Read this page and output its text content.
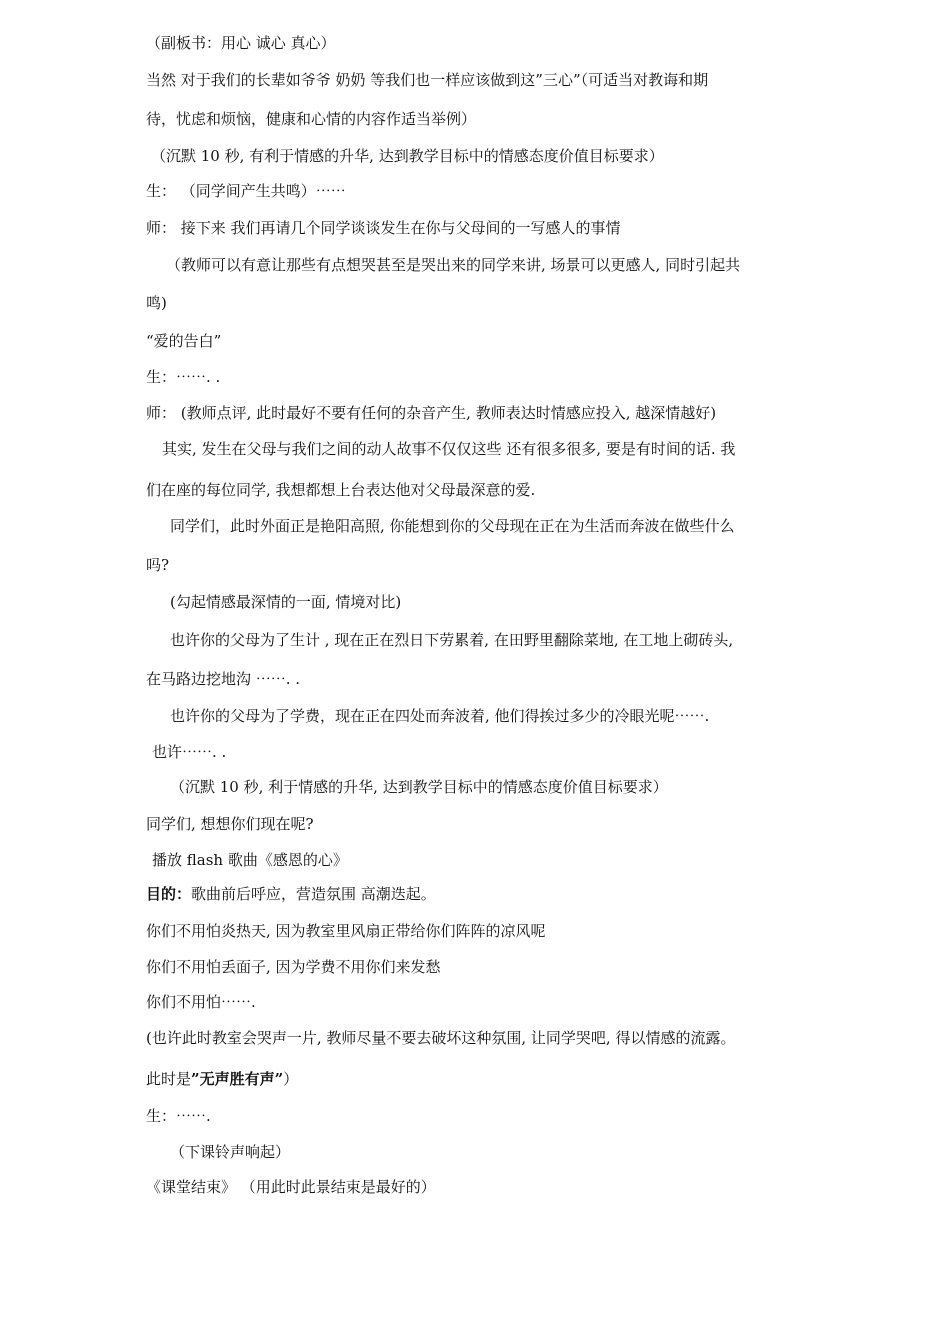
（副板书：用心 诚心 真心）
当然 对于我们的长辈如爷爷 奶奶 等我们也一样应该做到这”三心”（可适当对教诲和期
待，忧虑和烦恼，健康和心情的内容作适当举例）
（沉默 10 秒, 有利于情感的升华, 达到教学目标中的情感态度价值目标要求）
生： （同学间产生共鸣）⋯⋯
师： 接下来 我们再请几个同学谈谈发生在你与父母间的一写感人的事情
（教师可以有意让那些有点想哭甚至是哭出来的同学来讲, 场景可以更感人, 同时引起共
鸣)
“爱的告白”
生：⋯⋯. .
师： (教师点评, 此时最好不要有任何的杂音产生, 教师表达时情感应投入, 越深情越好)
其实, 发生在父母与我们之间的动人故事不仅仅这些 还有很多很多, 要是有时间的话. 我
们在座的每位同学, 我想都想上台表达他对父母最深意的爱.
同学们，此时外面正是艳阳高照, 你能想到你的父母现在正在为生活而奔波在做些什么
吗?
(勾起情感最深情的一面, 情境对比)
也许你的父母为了生计 , 现在正在烈日下劳累着, 在田野里翻除菜地, 在工地上砌砖头,
在马路边挖地沟 ⋯⋯. .
也许你的父母为了学费，现在正在四处而奔波着, 他们得挨过多少的冷眼光呢⋯⋯.
也许⋯⋯. .
（沉默 10 秒, 利于情感的升华, 达到教学目标中的情感态度价值目标要求）
同学们, 想想你们现在呢?
播放 flash 歌曲《感恩的心》
目的：歌曲前后呼应，营造氛围 高潮迭起。
你们不用怕炎热天, 因为教室里风扇正带给你们阵阵的凉风呢
你们不用怕丢面子, 因为学费不用你们来发愁
你们不用怕⋯⋯.
(也许此时教室会哭声一片, 教师尽量不要去破坏这种氛围, 让同学哭吧, 得以情感的流露。
此时是”无声胜有声”）
生：⋯⋯.
（下课铃声响起）
《课堂结束》 （用此时此景结束是最好的）
